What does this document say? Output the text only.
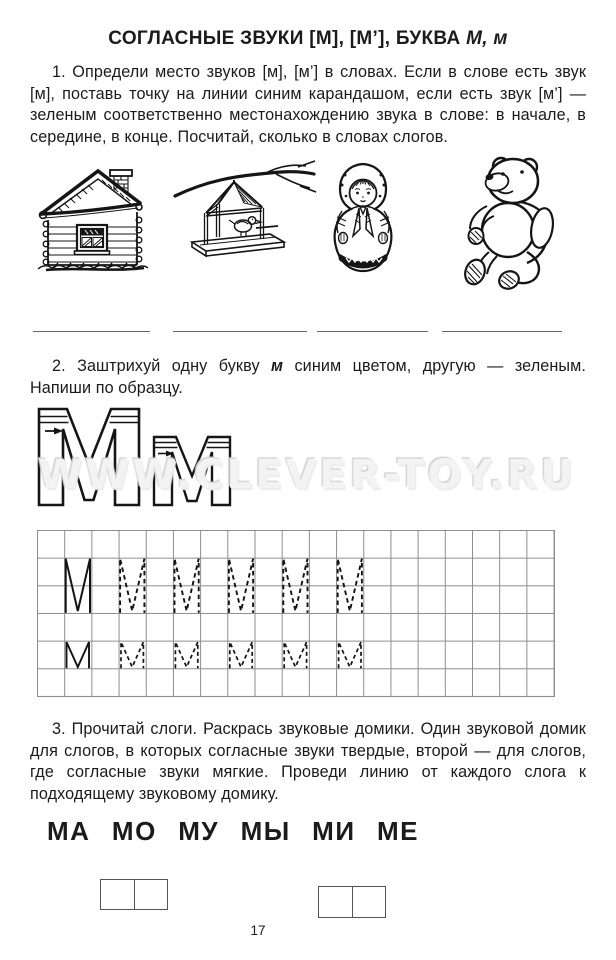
СОГЛАСНЫЕ ЗВУКИ [М], [М’], БУКВА М, м
1. Определи место звуков [м], [м’] в словах. Если в слове есть звук [м], поставь точку на линии синим карандашом, если есть звук [м’] — зеленым соответственно местонахождению звука в слове: в начале, в середине, в конце. Посчитай, сколько в словах слогов.
2. Заштрихуй одну букву м синим цветом, другую — зеленым. Напиши по образцу.
WWW.CLEVER-TOY.RU
3. Прочитай слоги. Раскрась звуковые домики. Один звуковой домик для слогов, в которых согласные звуки твердые, второй — для слогов, где согласные звуки мягкие. Проведи линию от каждого слога к подходящему звуковому домику.
МА МО МУ МЫ МИ МЕ
17
